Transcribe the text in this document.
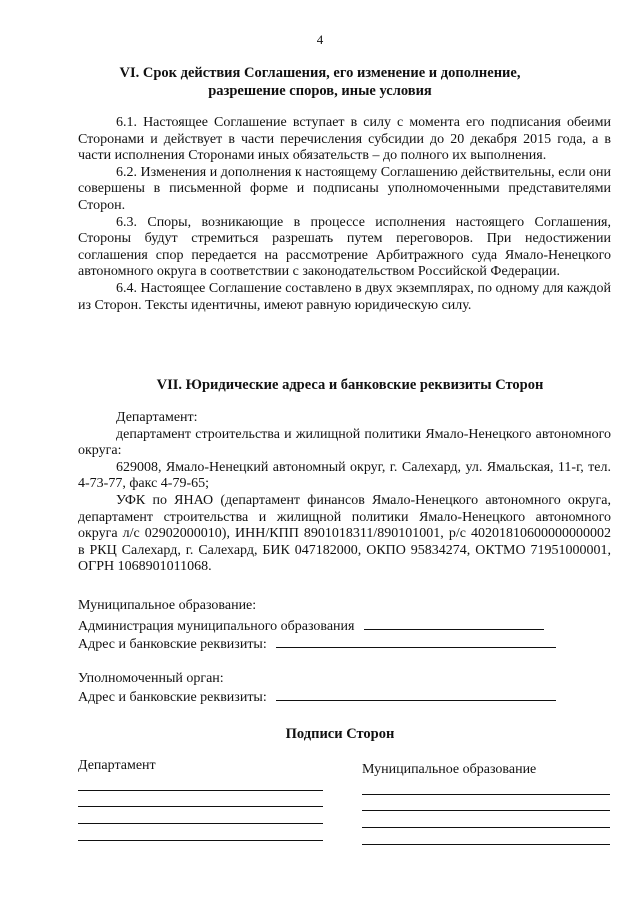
4
VI. Срок действия Соглашения, его изменение и дополнение,
разрешение споров, иные условия

6.1. Настоящее Соглашение вступает в силу с момента его подписания обеими Сторонами и действует в части перечисления субсидии до 20 декабря 2015 года, а в части исполнения Сторонами иных обязательств – до полного их выполнения.

6.2. Изменения и дополнения к настоящему Соглашению действительны, если они совершены в письменной форме и подписаны уполномоченными представителями Сторон.

6.3. Споры, возникающие в процессе исполнения настоящего Соглашения, Стороны будут стремиться разрешать путем переговоров. При недостижении соглашения спор передается на рассмотрение Арбитражного суда Ямало-Ненецкого автономного округа в соответствии с законодательством Российской Федерации.

6.4. Настоящее Соглашение составлено в двух экземплярах, по одному для каждой из Сторон. Тексты идентичны, имеют равную юридическую силу.

VII. Юридические адреса и банковские реквизиты Сторон

Департамент:

департамент строительства и жилищной политики Ямало-Ненецкого автономного округа:

629008, Ямало-Ненецкий автономный округ, г. Салехард, ул. Ямальская, 11-г, тел. 4-73-77, факс 4-79-65;

УФК по ЯНАО (департамент финансов Ямало-Ненецкого автономного округа, департамент строительства и жилищной политики Ямало-Ненецкого автономного округа л/с 02902000010), ИНН/КПП 8901018311/890101001, р/с 40201810600000000002 в РКЦ Салехард, г. Салехард, БИК 047182000, ОКПО 95834274, ОКТМО 71951000001, ОГРН 1068901011068.

Муниципальное образование:
Администрация муниципального образования
Адрес и банковские реквизиты:
Уполномоченный орган:
Адрес и банковские реквизиты:
Подписи Сторон
Департамент	Муниципальное образование
